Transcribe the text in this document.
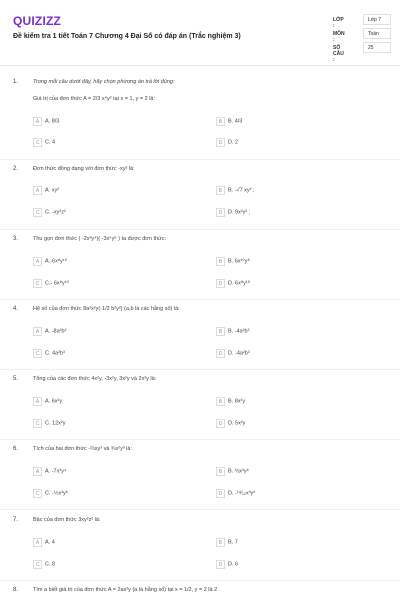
QUIZIZZ
Đề kiểm tra 1 tiết Toán 7 Chương 4 Đại Số có đáp án (Trắc nghiệm 3)
LỚP :
Lớp 7
MÔN :
Toán
SỐ CÂU :
25
1.	Trong mỗi câu dưới đây, hãy chọn phương án trả lời đúng:
Giá trị của đơn thức A = 2/3 x⁴y² tại x = 1, y = 2 là:
A A. 8/3	B B. 4/3
C C. 4	D D. 2
2.	Đơn thức đồng dạng với đơn thức -xy² là:
A A. xy²	B B. -√7 xy² ;
C C. -xy²z²	D D. 9x²y² ;
3.	Thu gọn đơn thức ( -2x³y⁴)( -3x⁵y⁶ ) ta được đơn thức:
A A.-6x⁸y¹⁰	B B. 6x¹⁰y⁸
C C.- 6x⁸y¹⁰	D D. 6x⁸y¹⁰
4.	Hệ số của đơn thức 8a²x²y(-1/2 b²y²) (a,b là các hằng số) là:
A A. -8a²b²	B B. -4a²b³
C C. 4a²b³	D D. -4a²b³
5.	Tổng của các đơn thức 4x²y, -3x²y, 3x²y và 2x²y là:
A A. 6x²y	B B. 8x²y
C C. 12x²y	D D. 5x²y
6.	Tích của hai đơn thức -⅔xy³ và ¾x²y³ là:
A A. -7x³y⁴	B B. ⅔x³y⁶
C C. -½x³y⁶	D D. -¹⁹⁄₁₂x³y⁶
7.	Bậc của đơn thức 3xy²z² là:
A A. 4	B B. 7
C C. 8	D D. 6
8.	Tìm a biết giá trị của đơn thức A = 2ax²y (a là hằng số) tại x = 1/2, y = 2 là 2
